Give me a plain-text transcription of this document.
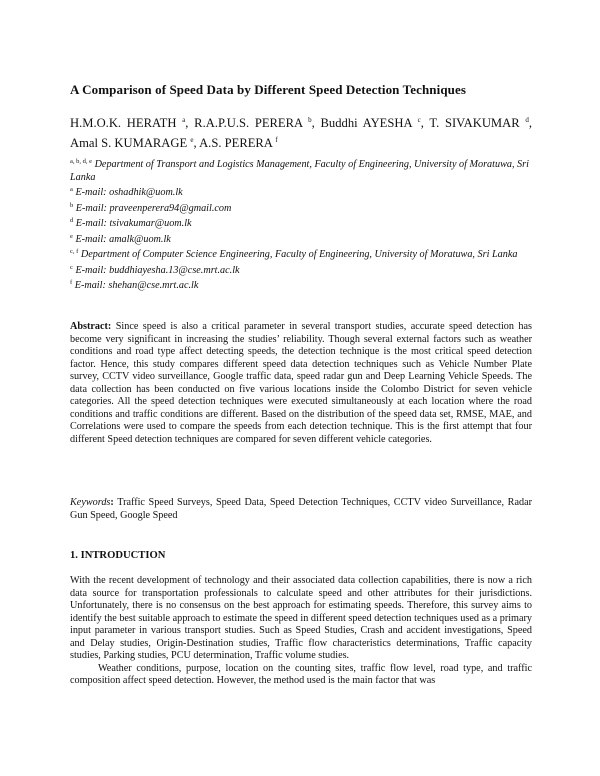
A Comparison of Speed Data by Different Speed Detection Techniques
H.M.O.K. HERATH $^a$, R.A.P.U.S. PERERA $^b$, Buddhi AYESHA $^c$, T. SIVAKUMAR $^d$, Amal S. KUMARAGE $^e$, A.S. PERERA $^f$
$^{a, b, d, e}$ Department of Transport and Logistics Management, Faculty of Engineering, University of Moratuwa, Sri Lanka
$^a$ E-mail: oshadhik@uom.lk
$^b$ E-mail: praveenperera94@gmail.com
$^d$ E-mail: tsivakumar@uom.lk
$^e$ E-mail: amalk@uom.lk
$^{c, f}$ Department of Computer Science Engineering, Faculty of Engineering, University of Moratuwa, Sri Lanka
$^c$ E-mail: buddhiayesha.13@cse.mrt.ac.lk
$^f$ E-mail: shehan@cse.mrt.ac.lk
Abstract: Since speed is also a critical parameter in several transport studies, accurate speed detection has become very significant in increasing the studies’ reliability. Though several external factors such as weather conditions and road type affect detecting speeds, the detection technique is the most critical speed detection factor. Hence, this study compares different speed data detection techniques such as Vehicle Number Plate survey, CCTV video surveillance, Google traffic data, speed radar gun and Deep Learning Vehicle Speeds. The data collection has been conducted on five various locations inside the Colombo District for seven vehicle categories. All the speed detection techniques were executed simultaneously at each location where the road conditions and traffic conditions are different. Based on the distribution of the speed data set, RMSE, MAE, and Correlations were used to compare the speeds from each detection technique. This is the first attempt that four different Speed detection techniques are compared for seven different vehicle categories.
Keywords: Traffic Speed Surveys, Speed Data, Speed Detection Techniques, CCTV video Surveillance, Radar Gun Speed, Google Speed
1. INTRODUCTION

With the recent development of technology and their associated data collection capabilities, there is now a rich data source for transportation professionals to calculate speed and other attributes for their jurisdictions. Unfortunately, there is no consensus on the best approach for estimating speeds. Therefore, this survey aims to identify the best suitable approach to estimate the speed in different speed detection techniques used as a primary input parameter in various transport studies. Such as Speed Studies, Crash and accident investigations, Speed and Delay studies, Origin-Destination studies, Traffic flow characteristics determinations, Traffic capacity studies, Parking studies, PCU determination, Traffic volume studies.

Weather conditions, purpose, location on the counting sites, traffic flow level, road type, and traffic composition affect speed detection. However, the method used is the main factor that was
